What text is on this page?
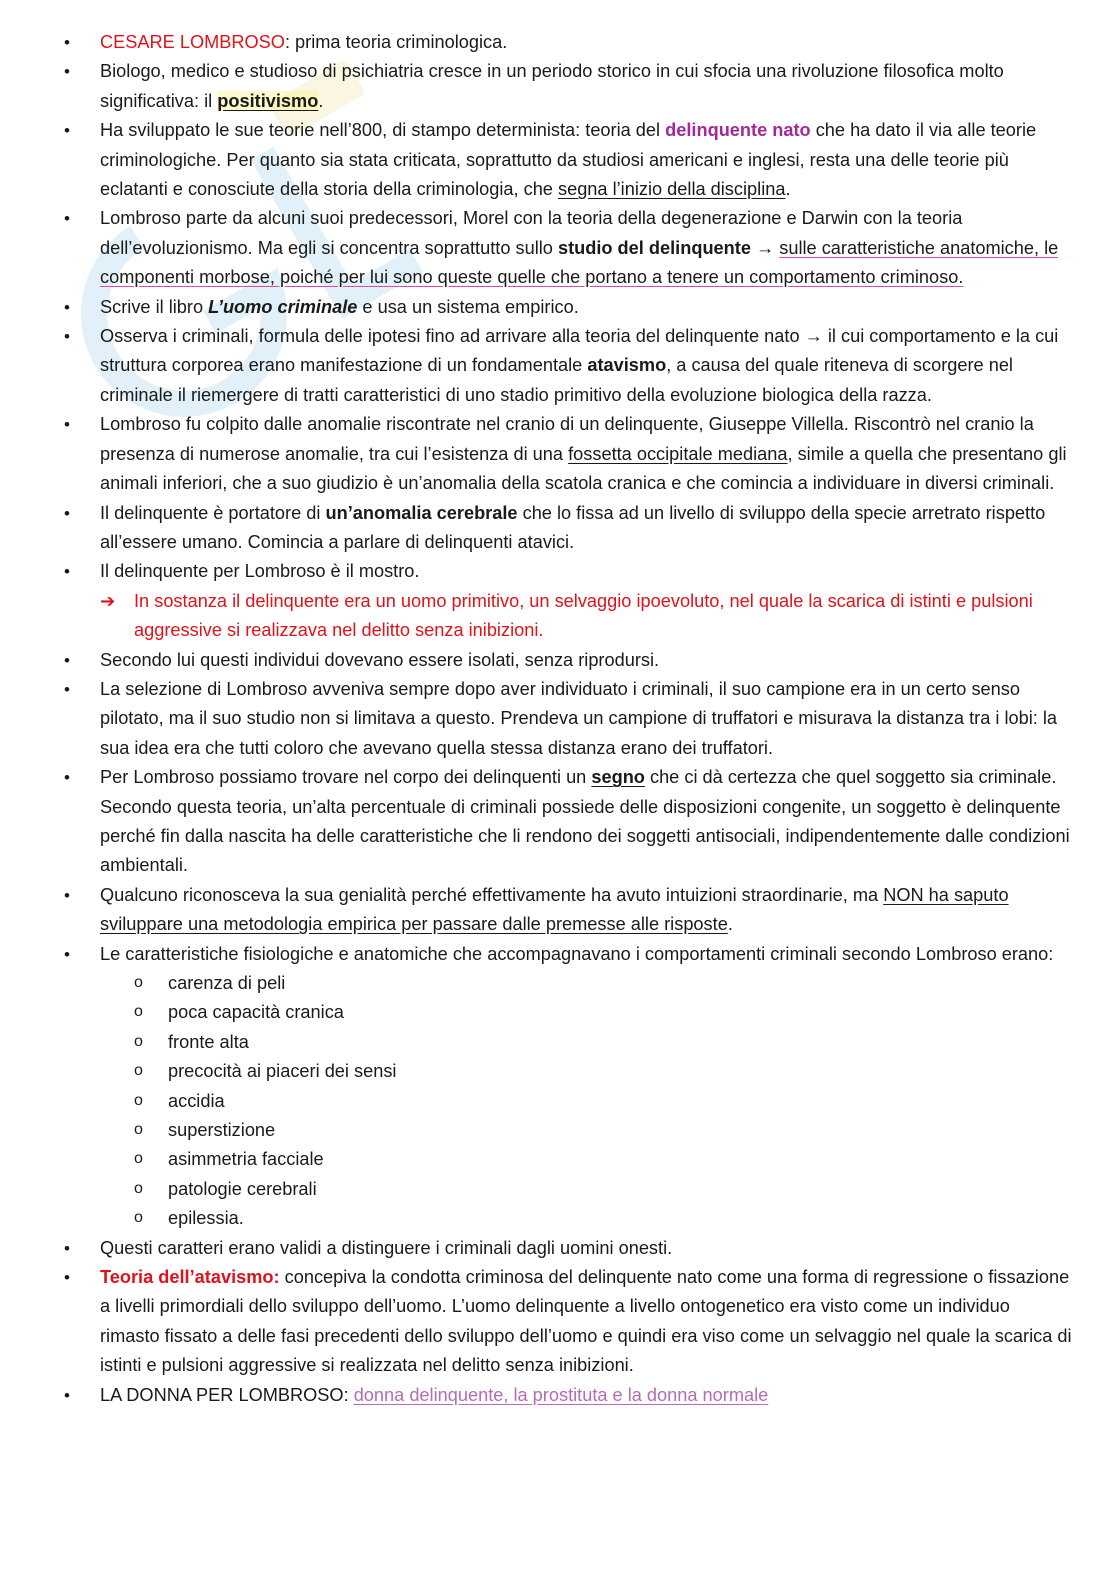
• CESARE LOMBROSO: prima teoria criminologica.
• Biologo, medico e studioso di psichiatria cresce in un periodo storico in cui sfocia una rivoluzione filosofica molto significativa: il positivismo.
• Ha sviluppato le sue teorie nell’800, di stampo determinista: teoria del delinquente nato che ha dato il via alle teorie criminologiche. Per quanto sia stata criticata, soprattutto da studiosi americani e inglesi, resta una delle teorie più eclatanti e conosciute della storia della criminologia, che segna l’inizio della disciplina.
• Lombroso parte da alcuni suoi predecessori, Morel con la teoria della degenerazione e Darwin con la teoria dell’evoluzionismo. Ma egli si concentra soprattutto sullo studio del delinquente → sulle caratteristiche anatomiche, le componenti morbose, poiché per lui sono queste quelle che portano a tenere un comportamento criminoso.
• Scrive il libro L’uomo criminale e usa un sistema empirico.
• Osserva i criminali, formula delle ipotesi fino ad arrivare alla teoria del delinquente nato → il cui comportamento e la cui struttura corporea erano manifestazione di un fondamentale atavismo, a causa del quale riteneva di scorgere nel criminale il riemergere di tratti caratteristici di uno stadio primitivo della evoluzione biologica della razza.
• Lombroso fu colpito dalle anomalie riscontrate nel cranio di un delinquente, Giuseppe Villella. Riscontrò nel cranio la presenza di numerose anomalie, tra cui l’esistenza di una fossetta occipitale mediana, simile a quella che presentano gli animali inferiori, che a suo giudizio è un’anomalia della scatola cranica e che comincia a individuare in diversi criminali.
• Il delinquente è portatore di un’anomalia cerebrale che lo fissa ad un livello di sviluppo della specie arretrato rispetto all’essere umano. Comincia a parlare di delinquenti atavici.
• Il delinquente per Lombroso è il mostro.
➔ In sostanza il delinquente era un uomo primitivo, un selvaggio ipoevoluto, nel quale la scarica di istinti e pulsioni aggressive si realizzava nel delitto senza inibizioni.
• Secondo lui questi individui dovevano essere isolati, senza riprodursi.
• La selezione di Lombroso avveniva sempre dopo aver individuato i criminali, il suo campione era in un certo senso pilotato, ma il suo studio non si limitava a questo. Prendeva un campione di truffatori e misurava la distanza tra i lobi: la sua idea era che tutti coloro che avevano quella stessa distanza erano dei truffatori.
• Per Lombroso possiamo trovare nel corpo dei delinquenti un segno che ci dà certezza che quel soggetto sia criminale. Secondo questa teoria, un’alta percentuale di criminali possiede delle disposizioni congenite, un soggetto è delinquente perché fin dalla nascita ha delle caratteristiche che li rendono dei soggetti antisociali, indipendentemente dalle condizioni ambientali.
• Qualcuno riconosceva la sua genialità perché effettivamente ha avuto intuizioni straordinarie, ma NON ha saputo sviluppare una metodologia empirica per passare dalle premesse alle risposte.
• Le caratteristiche fisiologiche e anatomiche che accompagnavano i comportamenti criminali secondo Lombroso erano:
o carenza di peli
o poca capacità cranica
o fronte alta
o precocità ai piaceri dei sensi
o accidia
o superstizione
o asimmetria facciale
o patologie cerebrali
o epilessia.
• Questi caratteri erano validi a distinguere i criminali dagli uomini onesti.
• Teoria dell’atavismo: concepiva la condotta criminosa del delinquente nato come una forma di regressione o fissazione a livelli primordiali dello sviluppo dell’uomo. L’uomo delinquente a livello ontogenetico era visto come un individuo rimasto fissato a delle fasi precedenti dello sviluppo dell’uomo e quindi era viso come un selvaggio nel quale la scarica di istinti e pulsioni aggressive si realizzata nel delitto senza inibizioni.
• LA DONNA PER LOMBROSO: donna delinquente, la prostituta e la donna normale
